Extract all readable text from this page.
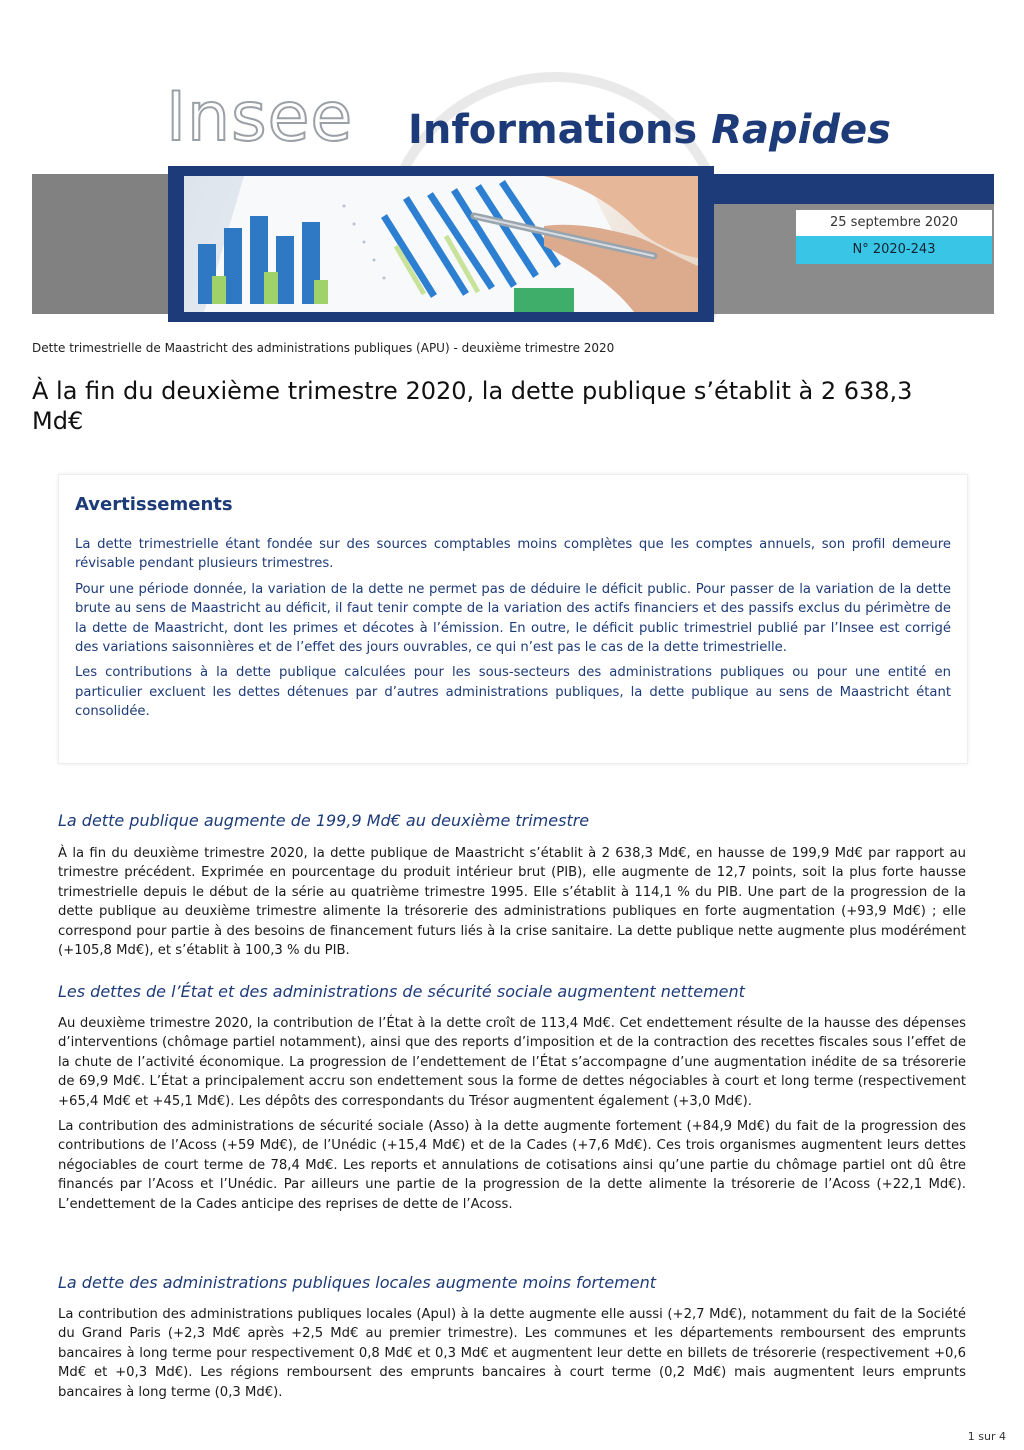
Insee Informations Rapides
25 septembre 2020
N° 2020-243
Dette trimestrielle de Maastricht des administrations publiques (APU) - deuxième trimestre 2020
À la fin du deuxième trimestre 2020, la dette publique s’établit à 2 638,3 Md€
Avertissements

La dette trimestrielle étant fondée sur des sources comptables moins complètes que les comptes annuels, son profil demeure révisable pendant plusieurs trimestres.

Pour une période donnée, la variation de la dette ne permet pas de déduire le déficit public. Pour passer de la variation de la dette brute au sens de Maastricht au déficit, il faut tenir compte de la variation des actifs financiers et des passifs exclus du périmètre de la dette de Maastricht, dont les primes et décotes à l’émission. En outre, le déficit public trimestriel publié par l’Insee est corrigé des variations saisonnières et de l’effet des jours ouvrables, ce qui n’est pas le cas de la dette trimestrielle.

Les contributions à la dette publique calculées pour les sous-secteurs des administrations publiques ou pour une entité en particulier excluent les dettes détenues par d’autres administrations publiques, la dette publique au sens de Maastricht étant consolidée.

La dette publique augmente de 199,9 Md€ au deuxième trimestre

À la fin du deuxième trimestre 2020, la dette publique de Maastricht s’établit à 2 638,3 Md€, en hausse de 199,9 Md€ par rapport au trimestre précédent. Exprimée en pourcentage du produit intérieur brut (PIB), elle augmente de 12,7 points, soit la plus forte hausse trimestrielle depuis le début de la série au quatrième trimestre 1995. Elle s’établit à 114,1 % du PIB. Une part de la progression de la dette publique au deuxième trimestre alimente la trésorerie des administrations publiques en forte augmentation (+93,9 Md€) ; elle correspond pour partie à des besoins de financement futurs liés à la crise sanitaire. La dette publique nette augmente plus modérément (+105,8 Md€), et s’établit à 100,3 % du PIB.

Les dettes de l’État et des administrations de sécurité sociale augmentent nettement

Au deuxième trimestre 2020, la contribution de l’État à la dette croît de 113,4 Md€. Cet endettement résulte de la hausse des dépenses d’interventions (chômage partiel notamment), ainsi que des reports d’imposition et de la contraction des recettes fiscales sous l’effet de la chute de l’activité économique. La progression de l’endettement de l’État s’accompagne d’une augmentation inédite de sa trésorerie de 69,9 Md€. L’État a principalement accru son endettement sous la forme de dettes négociables à court et long terme (respectivement +65,4 Md€ et +45,1 Md€). Les dépôts des correspondants du Trésor augmentent également (+3,0 Md€).

La contribution des administrations de sécurité sociale (Asso) à la dette augmente fortement (+84,9 Md€) du fait de la progression des contributions de l’Acoss (+59 Md€), de l’Unédic (+15,4 Md€) et de la Cades (+7,6 Md€). Ces trois organismes augmentent leurs dettes négociables de court terme de 78,4 Md€. Les reports et annulations de cotisations ainsi qu’une partie du chômage partiel ont dû être financés par l’Acoss et l’Unédic. Par ailleurs une partie de la progression de la dette alimente la trésorerie de l’Acoss (+22,1 Md€). L’endettement de la Cades anticipe des reprises de dette de l’Acoss.

La dette des administrations publiques locales augmente moins fortement

La contribution des administrations publiques locales (Apul) à la dette augmente elle aussi (+2,7 Md€), notamment du fait de la Société du Grand Paris (+2,3 Md€ après +2,5 Md€ au premier trimestre). Les communes et les départements remboursent des emprunts bancaires à long terme pour respectivement 0,8 Md€ et 0,3 Md€ et augmentent leur dette en billets de trésorerie (respectivement +0,6 Md€ et +0,3 Md€). Les régions remboursent des emprunts bancaires à court terme (0,2 Md€) mais augmentent leurs emprunts bancaires à long terme (0,3 Md€).

1 sur 4
